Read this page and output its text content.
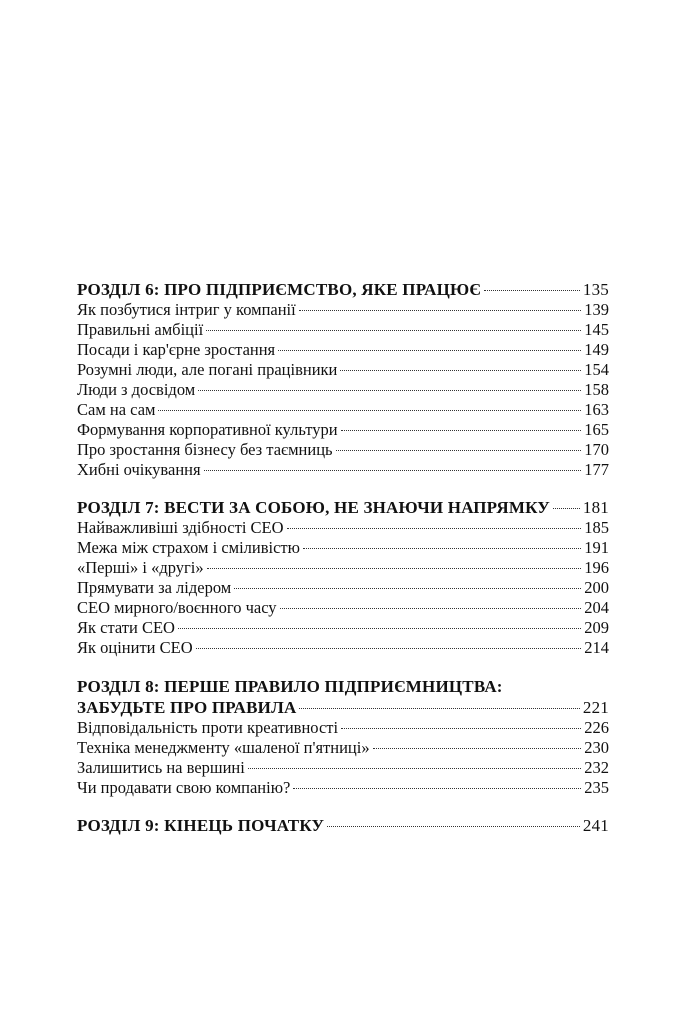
РОЗДІЛ 6: ПРО ПІДПРИЄМСТВО, ЯКЕ ПРАЦЮЄ	135
Як позбутися інтриг у компанії	139
Правильні амбіції	145
Посади і кар'єрне зростання	149
Розумні люди, але погані працівники	154
Люди з досвідом	158
Сам на сам	163
Формування корпоративної культури	165
Про зростання бізнесу без таємниць	170
Хибні очікування	177
РОЗДІЛ 7: ВЕСТИ ЗА СОБОЮ, НЕ ЗНАЮЧИ НАПРЯМКУ 181
Найважливіші здібності CEO	185
Межа між страхом і сміливістю	191
«Перші» і «другі»	196
Прямувати за лідером	200
CEO мирного/воєнного часу	204
Як стати CEO	209
Як оцінити CEO	214
РОЗДІЛ 8: ПЕРШЕ ПРАВИЛО ПІДПРИЄМНИЦТВА:
ЗАБУДЬТЕ ПРО ПРАВИЛА	221
Відповідальність проти креативності	226
Техніка менеджменту «шаленої п'ятниці»	230
Залишитись на вершині	232
Чи продавати свою компанію?	235
РОЗДІЛ 9: КІНЕЦЬ ПОЧАТКУ	241
